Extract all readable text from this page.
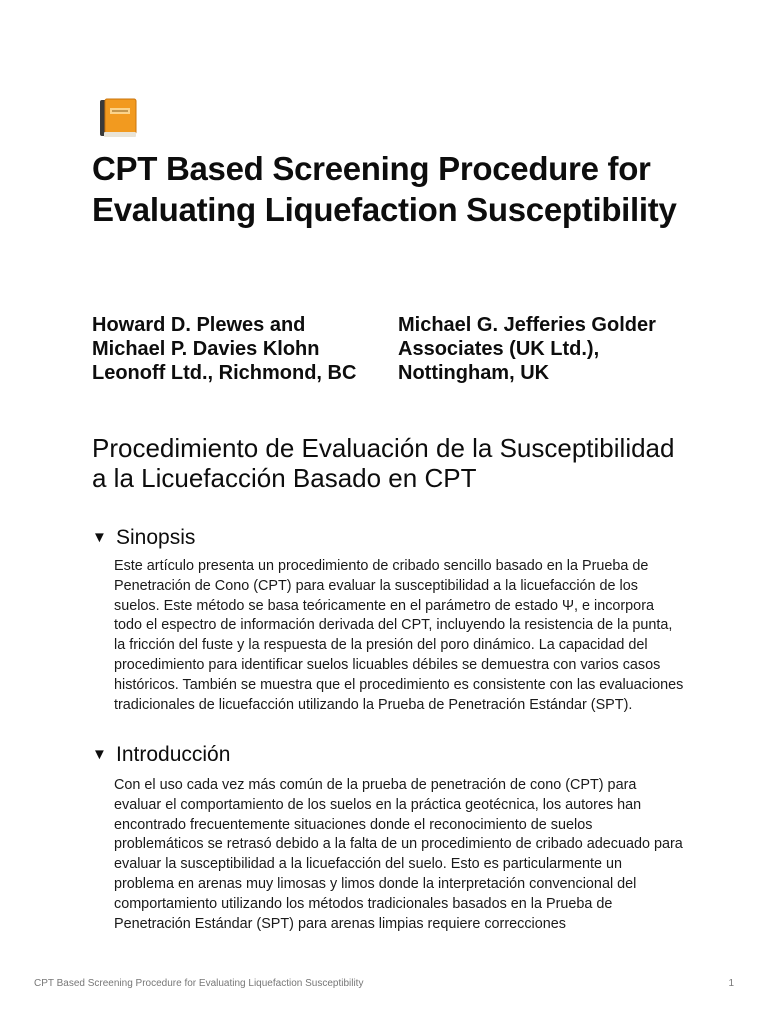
CPT Based Screening Procedure for Evaluating Liquefaction Susceptibility

Howard D. Plewes and Michael P. Davies Klohn Leonoff Ltd., Richmond, BC

Michael G. Jefferies Golder Associates (UK Ltd.), Nottingham, UK

Procedimiento de Evaluación de la Susceptibilidad a la Licuefacción Basado en CPT
▼ Sinopsis

Este artículo presenta un procedimiento de cribado sencillo basado en la Prueba de Penetración de Cono (CPT) para evaluar la susceptibilidad a la licuefacción de los suelos. Este método se basa teóricamente en el parámetro de estado Ψ, e incorpora todo el espectro de información derivada del CPT, incluyendo la resistencia de la punta, la fricción del fuste y la respuesta de la presión del poro dinámico. La capacidad del procedimiento para identificar suelos licuables débiles se demuestra con varios casos históricos. También se muestra que el procedimiento es consistente con las evaluaciones tradicionales de licuefacción utilizando la Prueba de Penetración Estándar (SPT).

▼ Introducción

Con el uso cada vez más común de la prueba de penetración de cono (CPT) para evaluar el comportamiento de los suelos en la práctica geotécnica, los autores han encontrado frecuentemente situaciones donde el reconocimiento de suelos problemáticos se retrasó debido a la falta de un procedimiento de cribado adecuado para evaluar la susceptibilidad a la licuefacción del suelo. Esto es particularmente un problema en arenas muy limosas y limos donde la interpretación convencional del comportamiento utilizando los métodos tradicionales basados en la Prueba de Penetración Estándar (SPT) para arenas limpias requiere correcciones

CPT Based Screening Procedure for Evaluating Liquefaction Susceptibility	1
